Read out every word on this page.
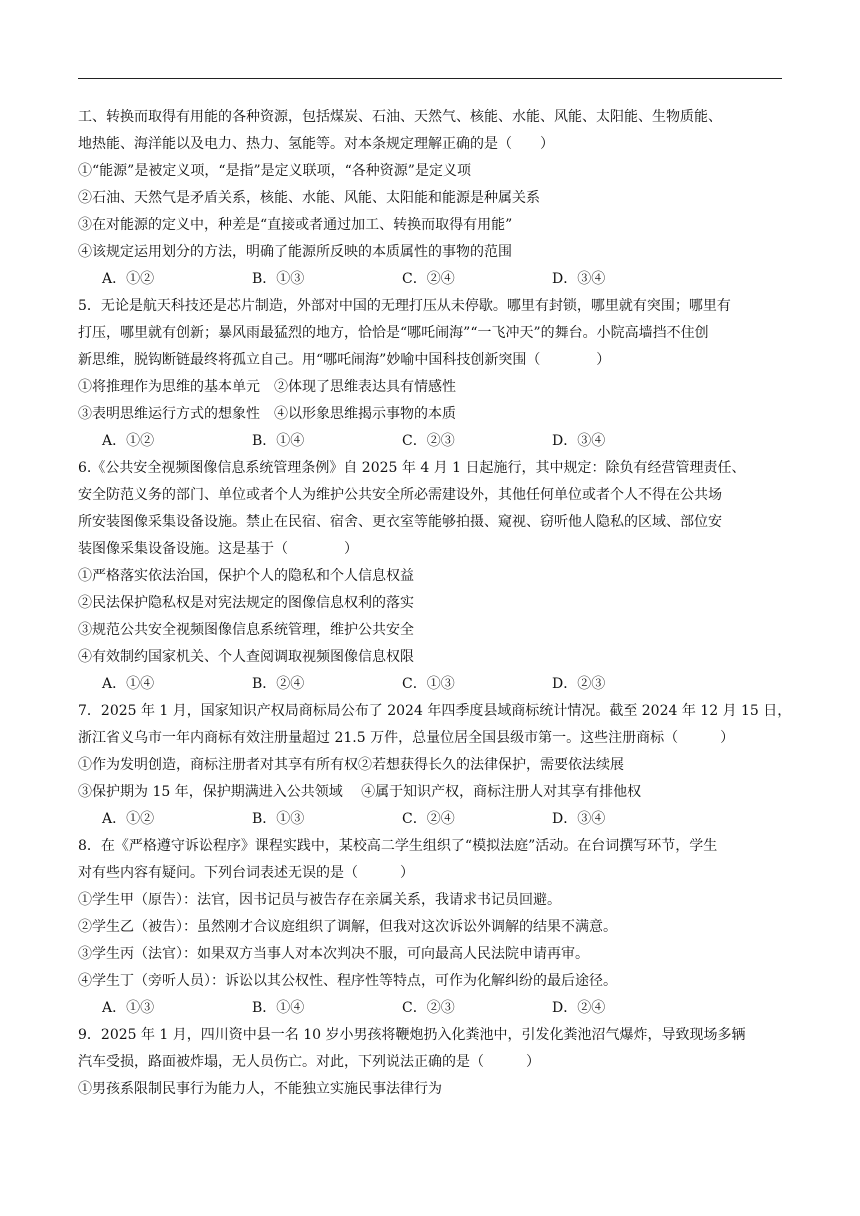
工、转换而取得有用能的各种资源，包括煤炭、石油、天然气、核能、水能、风能、太阳能、生物质能、
地热能、海洋能以及电力、热力、氢能等。对本条规定理解正确的是（　　）
①“能源”是被定义项，“是指”是定义联项，“各种资源”是定义项
②石油、天然气是矛盾关系，核能、水能、风能、太阳能和能源是种属关系
③在对能源的定义中，种差是“直接或者通过加工、转换而取得有用能”
④该规定运用划分的方法，明确了能源所反映的本质属性的事物的范围
A．①②	B．①③	C．②④	D．③④
5．无论是航天科技还是芯片制造，外部对中国的无理打压从未停歇。哪里有封锁，哪里就有突围；哪里有
打压，哪里就有创新；暴风雨最猛烈的地方，恰恰是“哪吒闹海”“一飞冲天”的舞台。小院高墙挡不住创
新思维，脱钩断链最终将孤立自己。用“哪吒闹海”妙喻中国科技创新突围（　　　　）
①将推理作为思维的基本单元　②体现了思维表达具有情感性
③表明思维运行方式的想象性　④以形象思维揭示事物的本质
A．①②	B．①④	C．②③	D．③④
6.《公共安全视频图像信息系统管理条例》自 2025 年 4 月 1 日起施行，其中规定：除负有经营管理责任、
安全防范义务的部门、单位或者个人为维护公共安全所必需建设外，其他任何单位或者个人不得在公共场
所安装图像采集设备设施。禁止在民宿、宿舍、更衣室等能够拍摄、窥视、窃听他人隐私的区域、部位安
装图像采集设备设施。这是基于（　　　　）
①严格落实依法治国，保护个人的隐私和个人信息权益
②民法保护隐私权是对宪法规定的图像信息权利的落实
③规范公共安全视频图像信息系统管理，维护公共安全
④有效制约国家机关、个人查阅调取视频图像信息权限
A．①④	B．②④	C．①③	D．②③
7．2025 年 1 月，国家知识产权局商标局公布了 2024 年四季度县域商标统计情况。截至 2024 年 12 月 15 日，
浙江省义乌市一年内商标有效注册量超过 21.5 万件，总量位居全国县级市第一。这些注册商标（　　　）
①作为发明创造，商标注册者对其享有所有权②若想获得长久的法律保护，需要依法续展
③保护期为 15 年，保护期满进入公共领域　 ④属于知识产权，商标注册人对其享有排他权
A．①②	B．①③	C．②④	D．③④
8．在《严格遵守诉讼程序》课程实践中，某校高二学生组织了“模拟法庭”活动。在台词撰写环节，学生
对有些内容有疑问。下列台词表述无误的是（　　　）
①学生甲（原告）：法官，因书记员与被告存在亲属关系，我请求书记员回避。
②学生乙（被告）：虽然刚才合议庭组织了调解，但我对这次诉讼外调解的结果不满意。
③学生丙（法官）：如果双方当事人对本次判决不服，可向最高人民法院申请再审。
④学生丁（旁听人员）：诉讼以其公权性、程序性等特点，可作为化解纠纷的最后途径。
A．①③	B．①④	C．②③	D．②④
9．2025 年 1 月，四川资中县一名 10 岁小男孩将鞭炮扔入化粪池中，引发化粪池沼气爆炸，导致现场多辆
汽车受损，路面被炸塌，无人员伤亡。对此，下列说法正确的是（　　　）
①男孩系限制民事行为能力人，不能独立实施民事法律行为
